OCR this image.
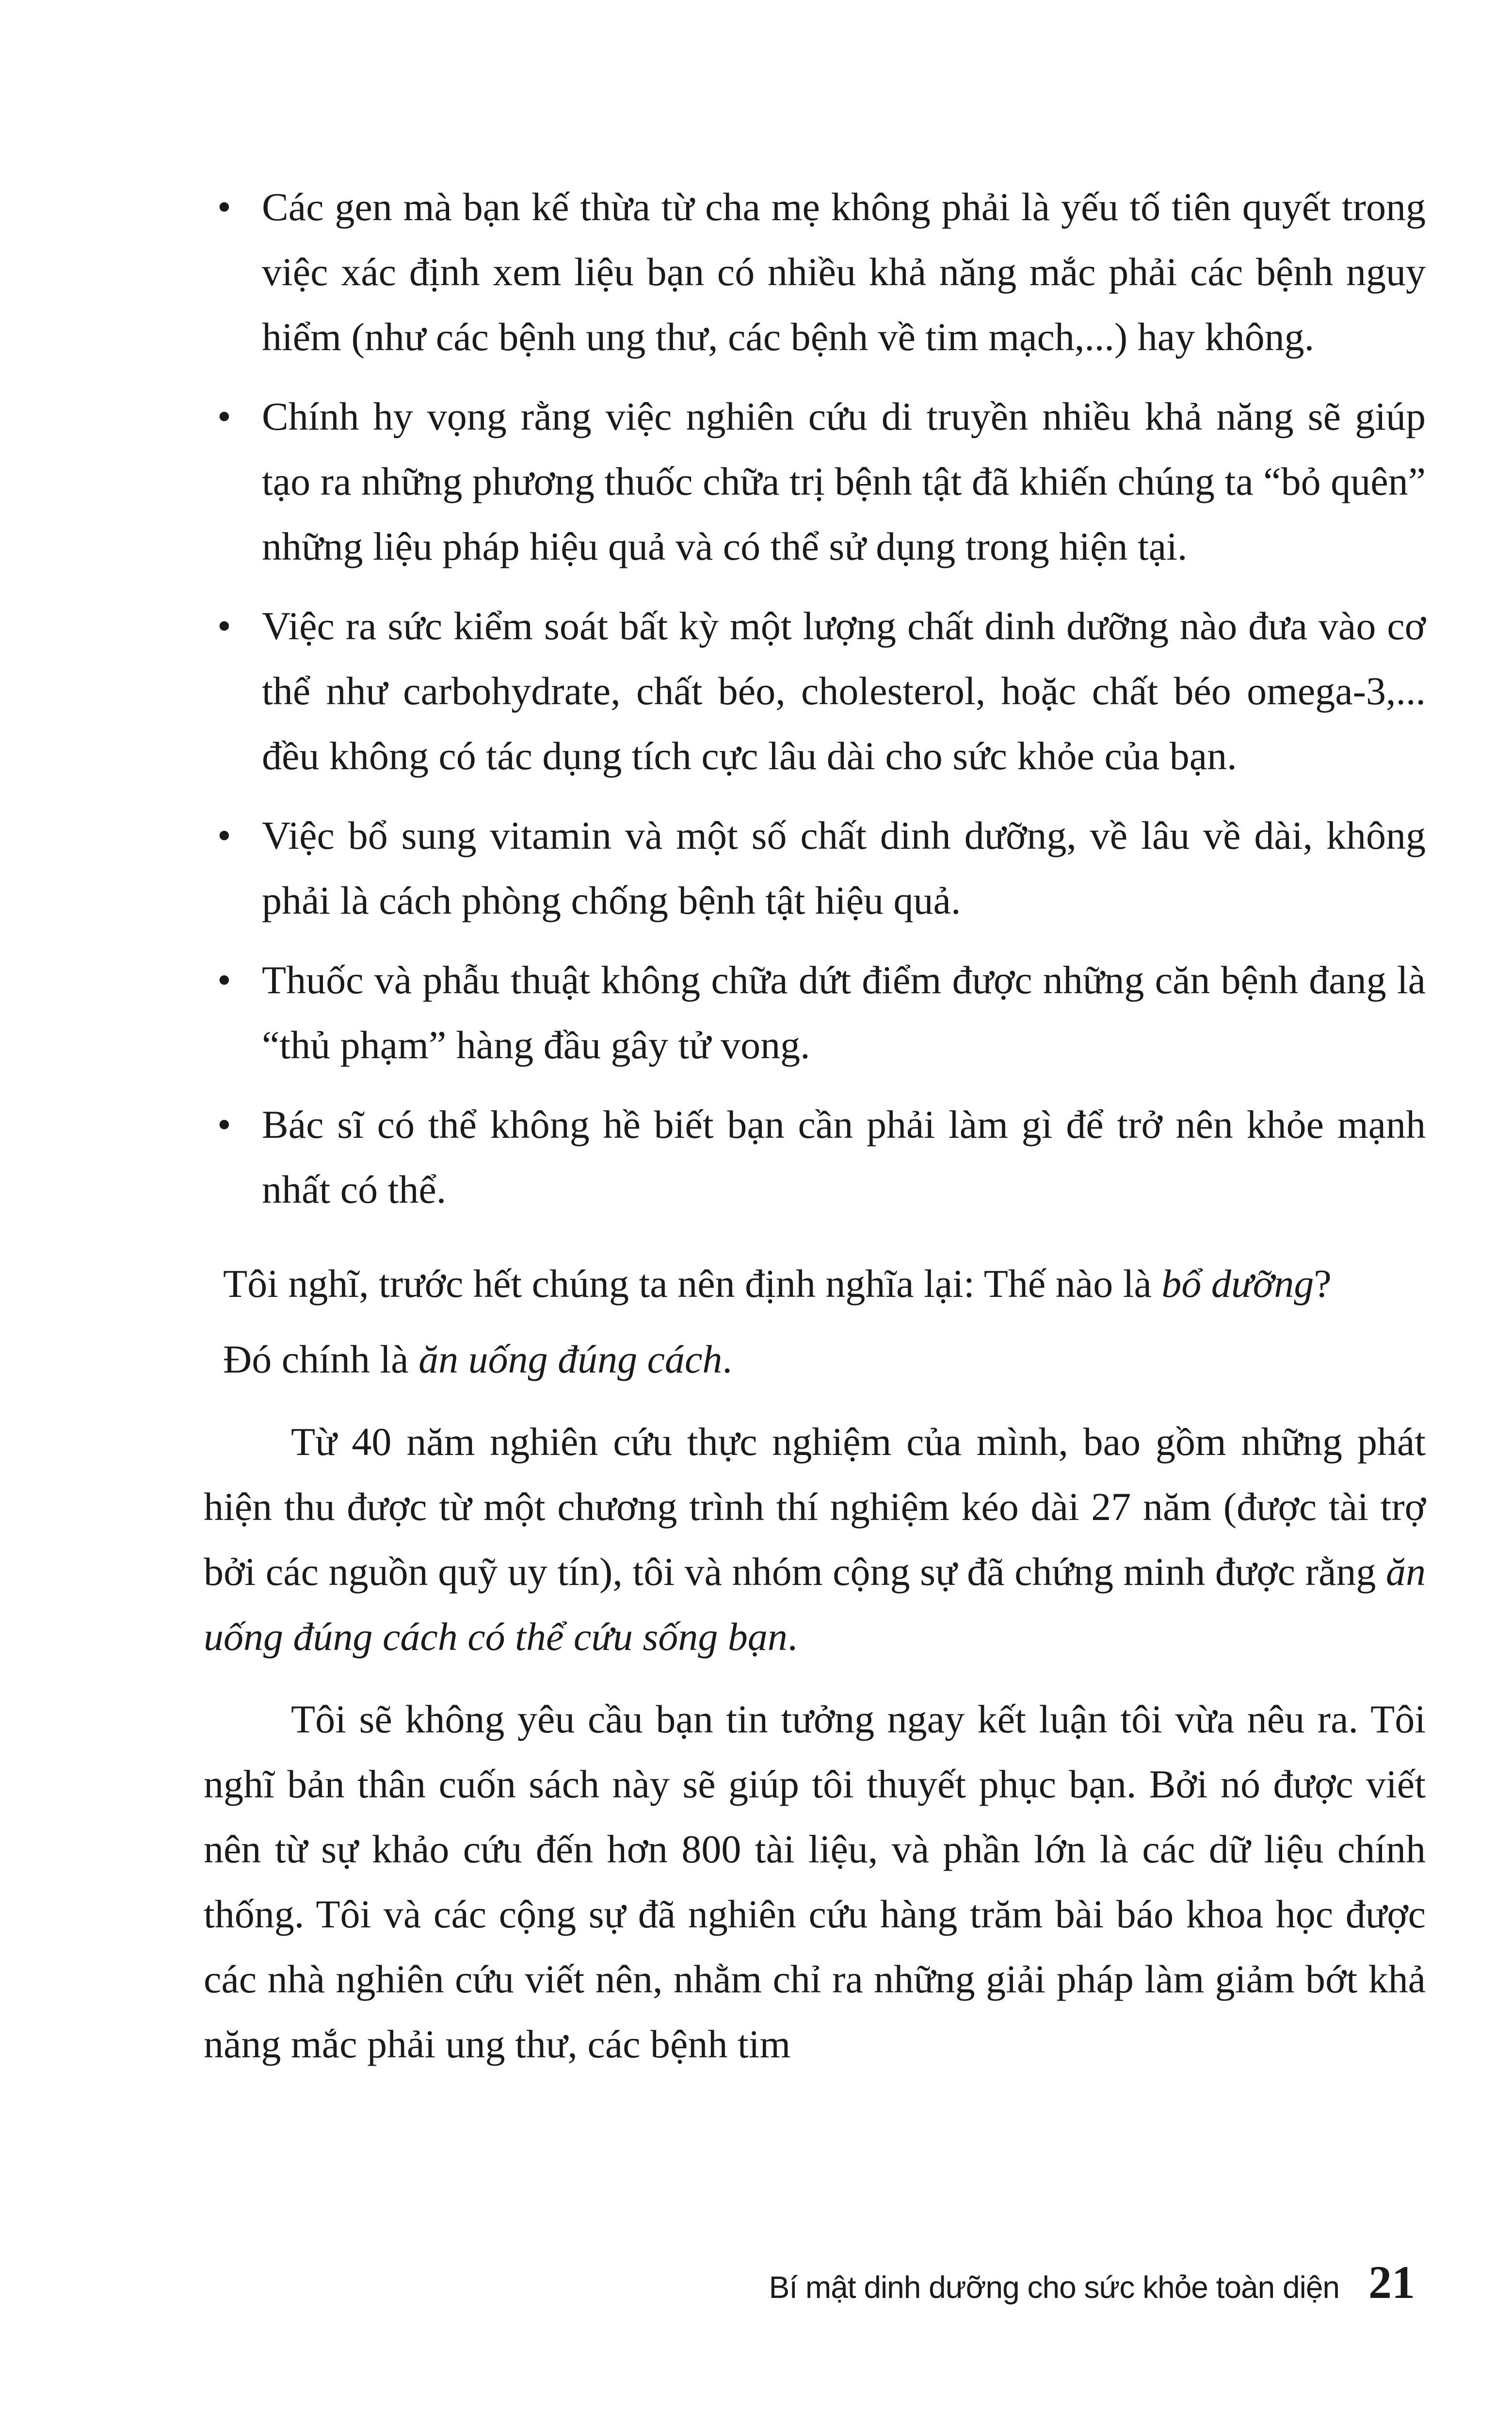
• Các gen mà bạn kế thừa từ cha mẹ không phải là yếu tố tiên quyết trong việc xác định xem liệu bạn có nhiều khả năng mắc phải các bệnh nguy hiểm (như các bệnh ung thư, các bệnh về tim mạch,...) hay không.
• Chính hy vọng rằng việc nghiên cứu di truyền nhiều khả năng sẽ giúp tạo ra những phương thuốc chữa trị bệnh tật đã khiến chúng ta “bỏ quên” những liệu pháp hiệu quả và có thể sử dụng trong hiện tại.
• Việc ra sức kiểm soát bất kỳ một lượng chất dinh dưỡng nào đưa vào cơ thể như carbohydrate, chất béo, cholesterol, hoặc chất béo omega-3,... đều không có tác dụng tích cực lâu dài cho sức khỏe của bạn.
• Việc bổ sung vitamin và một số chất dinh dưỡng, về lâu về dài, không phải là cách phòng chống bệnh tật hiệu quả.
• Thuốc và phẫu thuật không chữa dứt điểm được những căn bệnh đang là “thủ phạm” hàng đầu gây tử vong.
• Bác sĩ có thể không hề biết bạn cần phải làm gì để trở nên khỏe mạnh nhất có thể.

Tôi nghĩ, trước hết chúng ta nên định nghĩa lại: Thế nào là bổ dưỡng?

Đó chính là ăn uống đúng cách.

Từ 40 năm nghiên cứu thực nghiệm của mình, bao gồm những phát hiện thu được từ một chương trình thí nghiệm kéo dài 27 năm (được tài trợ bởi các nguồn quỹ uy tín), tôi và nhóm cộng sự đã chứng minh được rằng ăn uống đúng cách có thể cứu sống bạn.

Tôi sẽ không yêu cầu bạn tin tưởng ngay kết luận tôi vừa nêu ra. Tôi nghĩ bản thân cuốn sách này sẽ giúp tôi thuyết phục bạn. Bởi nó được viết nên từ sự khảo cứu đến hơn 800 tài liệu, và phần lớn là các dữ liệu chính thống. Tôi và các cộng sự đã nghiên cứu hàng trăm bài báo khoa học được các nhà nghiên cứu viết nên, nhằm chỉ ra những giải pháp làm giảm bớt khả năng mắc phải ung thư, các bệnh tim

Bí mật dinh dưỡng cho sức khỏe toàn diện 21
